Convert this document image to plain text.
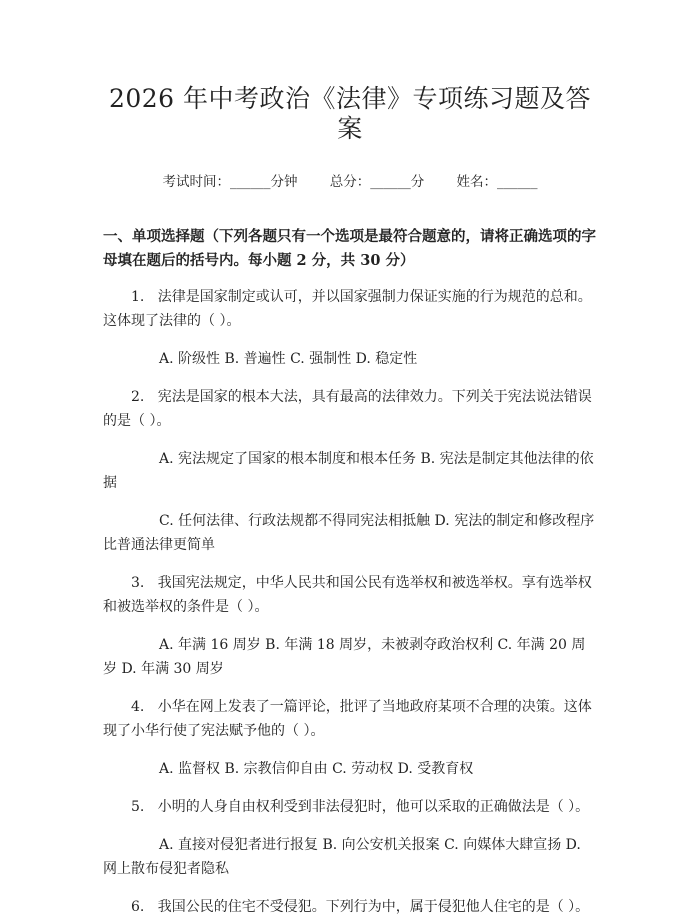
2026 年中考政治《法律》专项练习题及答案
考试时间：______分钟 总分：______分 姓名：______
一、单项选择题（下列各题只有一个选项是最符合题意的，请将正确选项的字母填在题后的括号内。每小题 2 分，共 30 分）

1. 法律是国家制定或认可，并以国家强制力保证实施的行为规范的总和。这体现了法律的（ ）。

A. 阶级性 B. 普遍性 C. 强制性 D. 稳定性

2. 宪法是国家的根本大法，具有最高的法律效力。下列关于宪法说法错误的是（ ）。

A. 宪法规定了国家的根本制度和根本任务 B. 宪法是制定其他法律的依据

C. 任何法律、行政法规都不得同宪法相抵触 D. 宪法的制定和修改程序比普通法律更简单

3. 我国宪法规定，中华人民共和国公民有选举权和被选举权。享有选举权和被选举权的条件是（ ）。

A. 年满 16 周岁 B. 年满 18 周岁，未被剥夺政治权利 C. 年满 20 周岁 D. 年满 30 周岁

4. 小华在网上发表了一篇评论，批评了当地政府某项不合理的决策。这体现了小华行使了宪法赋予他的（ ）。

A. 监督权 B. 宗教信仰自由 C. 劳动权 D. 受教育权

5. 小明的人身自由权利受到非法侵犯时，他可以采取的正确做法是（ ）。

A. 直接对侵犯者进行报复 B. 向公安机关报案 C. 向媒体大肆宣扬 D. 网上散布侵犯者隐私

6. 我国公民的住宅不受侵犯。下列行为中，属于侵犯他人住宅的是（ ）。
